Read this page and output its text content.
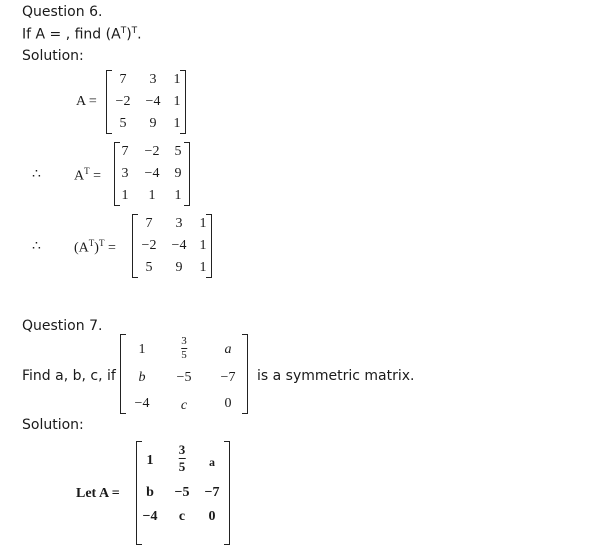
Question 6.
If A = , find $(A^T)^T$.
Solution:
A =
7 3 1
−2 −4 1
5 9 1
∴ $A^T$ =
7 −2 5
3 −4 9
1 1 1
∴ $(A^T)^T$ =
7 3 1
−2 −4 1
5 9 1
Question 7.
Find a, b, c, if
1
3
5	a
b −5 −7
−4 c	0
is a symmetric matrix.
Solution:
Let A =
1
3
5 a
b −5 −7
−4 c 0
